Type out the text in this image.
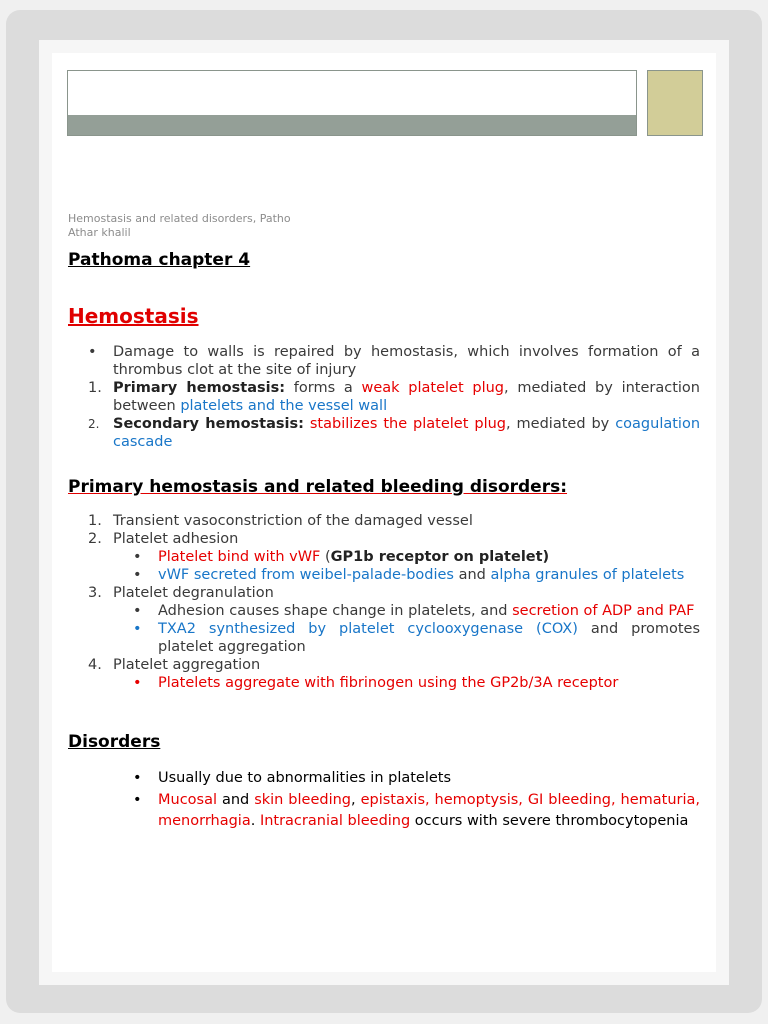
Hemostasis and related disorders, Patho
Athar khalil
Pathoma chapter 4
Hemostasis
•	Damage to walls is repaired by hemostasis, which involves formation of a thrombus clot at the site of injury
1. Primary hemostasis: forms a weak platelet plug, mediated by interaction between platelets and the vessel wall
2. Secondary hemostasis: stabilizes the platelet plug, mediated by coagulation cascade
Primary hemostasis and related bleeding disorders:
1. Transient vasoconstriction of the damaged vessel
2. Platelet adhesion
•	Platelet bind with vWF (GP1b receptor on platelet)
•	vWF secreted from weibel-palade-bodies and alpha granules of platelets
3. Platelet degranulation
•	Adhesion causes shape change in platelets, and secretion of ADP and PAF
•	TXA2 synthesized by platelet cyclooxygenase (COX) and promotes platelet aggregation
4. Platelet aggregation
•	Platelets aggregate with fibrinogen using the GP2b/3A receptor
Disorders
•	Usually due to abnormalities in platelets
•	Mucosal and skin bleeding, epistaxis, hemoptysis, GI bleeding, hematuria, menorrhagia. Intracranial bleeding occurs with severe thrombocytopenia
